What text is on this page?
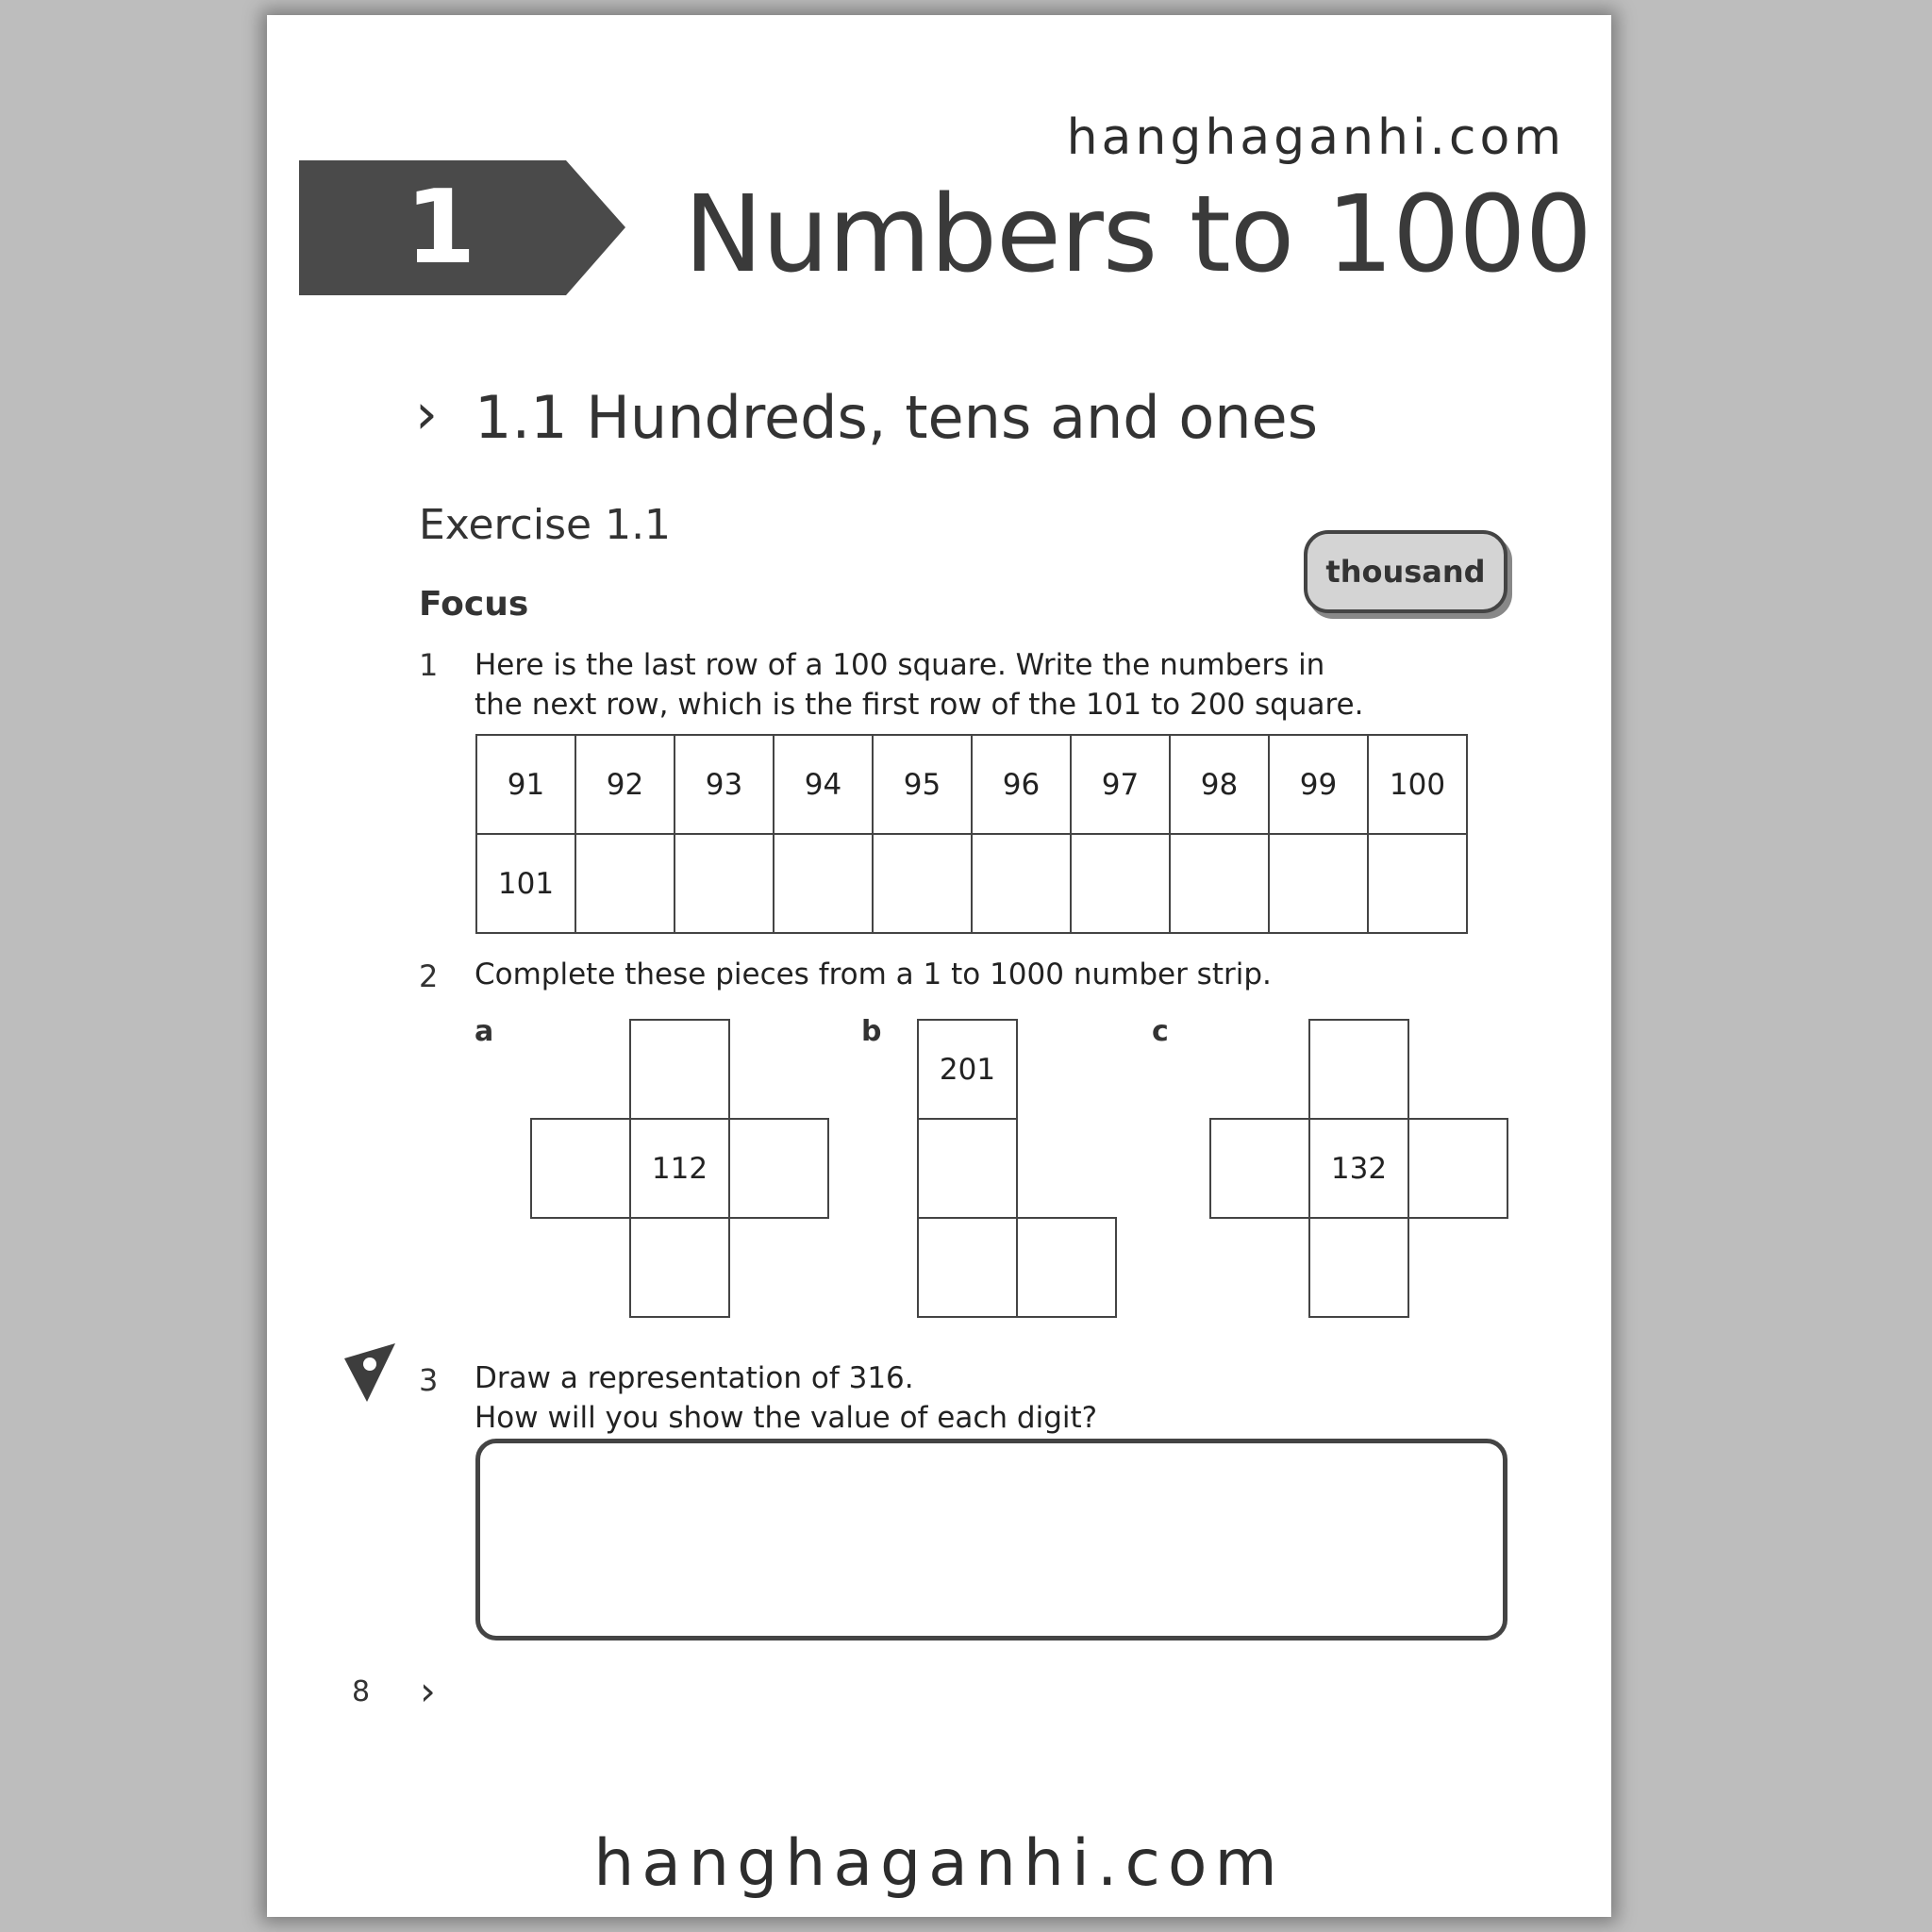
hanghaganhi.com
1	Numbers to 1000
› 1.1 Hundreds, tens and ones
Exercise 1.1
Focus
thousand
1 Here is the last row of a 100 square. Write the numbers in
the next row, which is the first row of the 101 to 200 square.
91	92	93	94	95	96	97	98	99	100
101									
2 Complete these pieces from a 1 to 1000 number strip.
a
112
b
201
c
132
3 Draw a representation of 316.
How will you show the value of each digit?
8 ›
hanghaganhi.com
